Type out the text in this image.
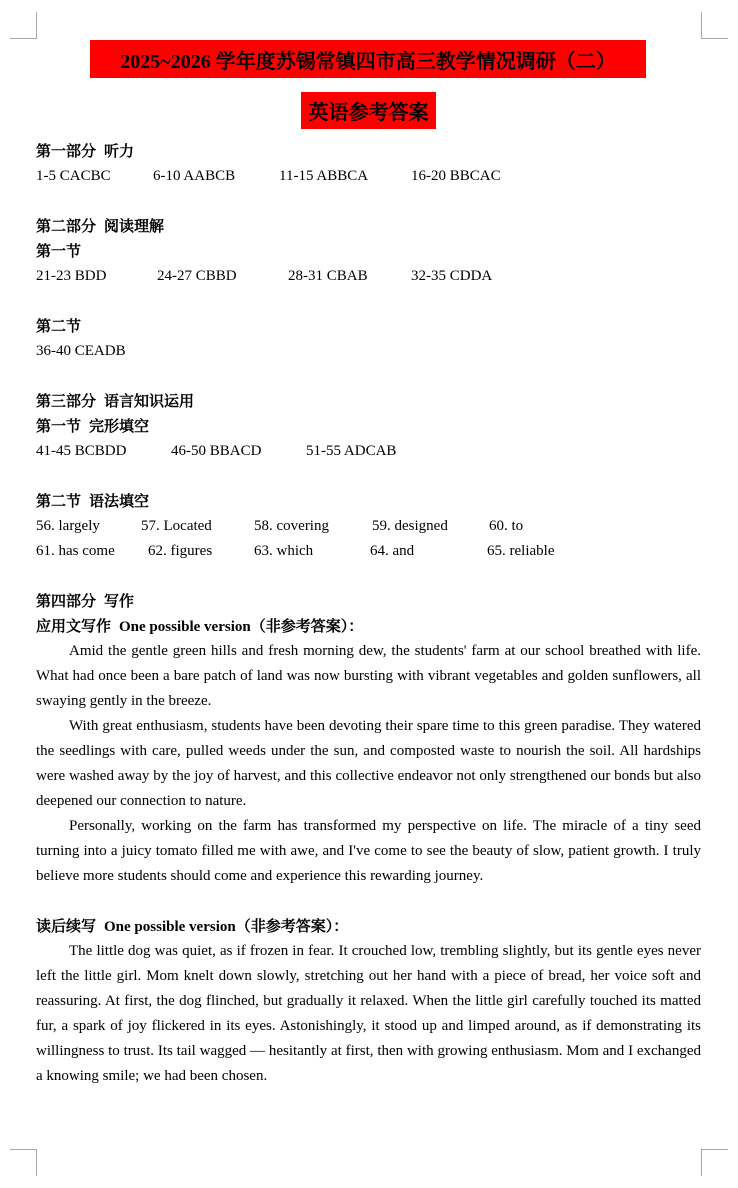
2025~2026 学年度苏锡常镇四市高三教学情况调研（二）
英语参考答案
第一部分 听力
1-5 CACBC	6-10 AABCB	11-15 ABBCA	16-20 BBCAC
第二部分 阅读理解
第一节
21-23 BDD	24-27 CBBD	28-31 CBAB	32-35 CDDA
第二节
36-40 CEADB
第三部分 语言知识运用
第一节 完形填空
41-45 BCBDD	46-50 BBACD	51-55 ADCAB
第二节 语法填空
56. largely	57. Located	58. covering	59. designed	60. to
61. has come 62. figures	63. which	64. and	65. reliable
第四部分 写作
应用文写作 One possible version（非参考答案）：

Amid the gentle green hills and fresh morning dew, the students' farm at our school breathed with life. What had once been a bare patch of land was now bursting with vibrant vegetables and golden sunflowers, all swaying gently in the breeze.

With great enthusiasm, students have been devoting their spare time to this green paradise. They watered the seedlings with care, pulled weeds under the sun, and composted waste to nourish the soil. All hardships were washed away by the joy of harvest, and this collective endeavor not only strengthened our bonds but also deepened our connection to nature.

Personally, working on the farm has transformed my perspective on life. The miracle of a tiny seed turning into a juicy tomato filled me with awe, and I've come to see the beauty of slow, patient growth. I truly believe more students should come and experience this rewarding journey.

读后续写 One possible version（非参考答案）：

The little dog was quiet, as if frozen in fear. It crouched low, trembling slightly, but its gentle eyes never left the little girl. Mom knelt down slowly, stretching out her hand with a piece of bread, her voice soft and reassuring. At first, the dog flinched, but gradually it relaxed. When the little girl carefully touched its matted fur, a spark of joy flickered in its eyes. Astonishingly, it stood up and limped around, as if demonstrating its willingness to trust. Its tail wagged — hesitantly at first, then with growing enthusiasm. Mom and I exchanged a knowing smile; we had been chosen.
